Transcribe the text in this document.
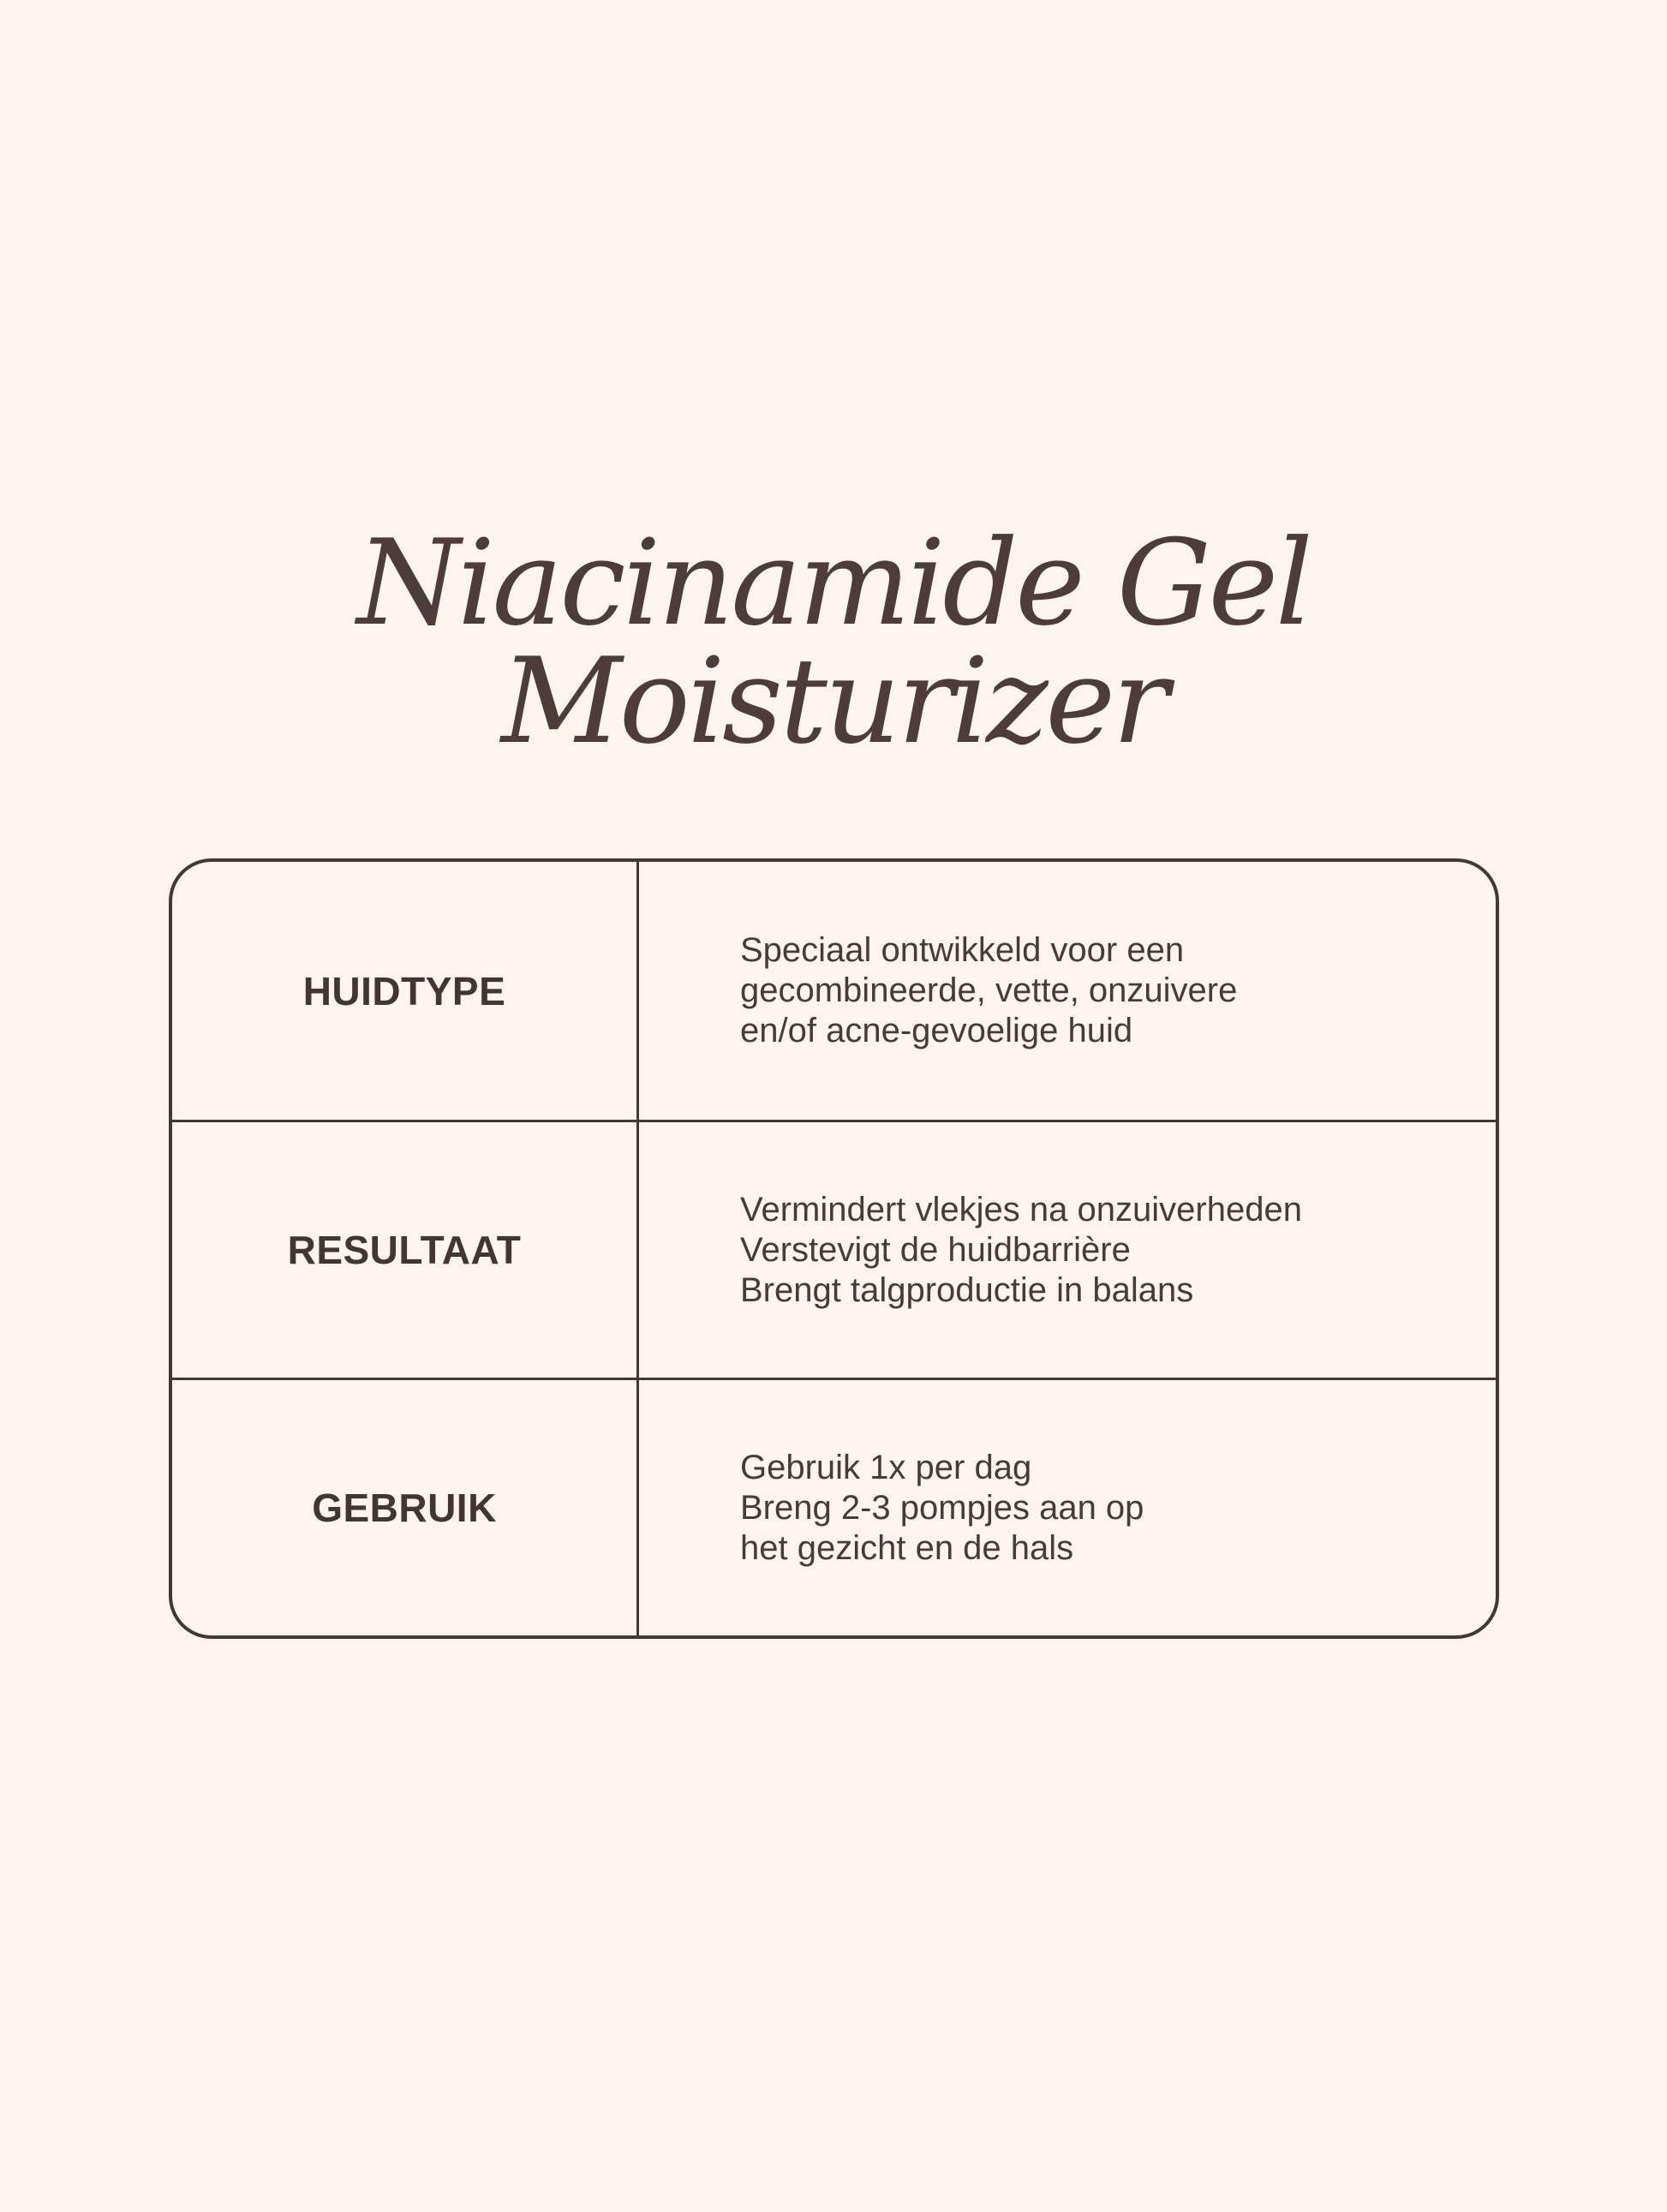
Niacinamide Gel
Moisturizer
HUIDTYPE
Speciaal ontwikkeld voor een
gecombineerde, vette, onzuivere
en/of acne-gevoelige huid
RESULTAAT
Vermindert vlekjes na onzuiverheden
Verstevigt de huidbarrière
Brengt talgproductie in balans
GEBRUIK
Gebruik 1x per dag
Breng 2-3 pompjes aan op
het gezicht en de hals
